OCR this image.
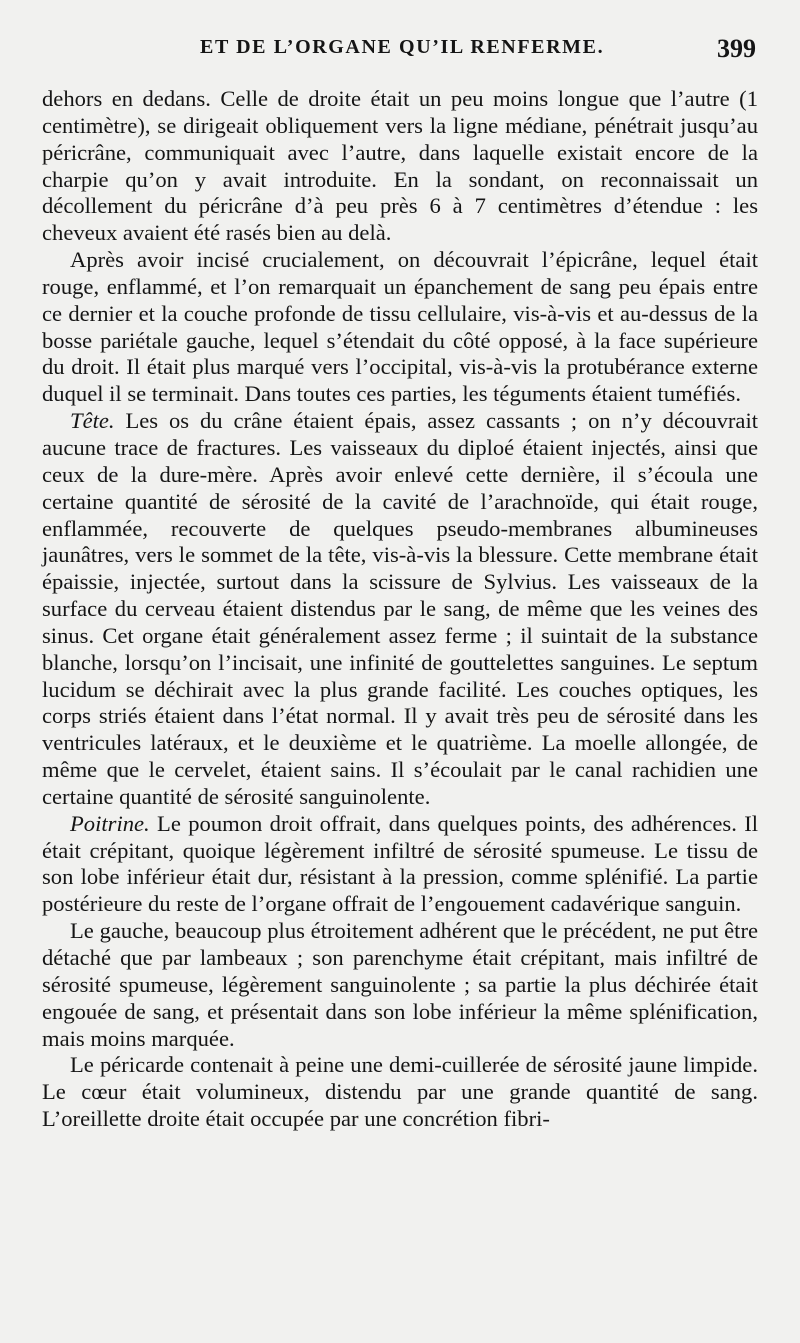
ET DE L’ORGANE QU’IL RENFERME.	399

dehors en dedans. Celle de droite était un peu moins longue que l’autre (1 centimètre), se dirigeait obliquement vers la ligne médiane, pénétrait jusqu’au péricrâne, communiquait avec l’autre, dans laquelle existait encore de la charpie qu’on y avait introduite. En la sondant, on reconnaissait un décollement du péricrâne d’à peu près 6 à 7 centimètres d’étendue : les cheveux avaient été rasés bien au delà.

Après avoir incisé crucialement, on découvrait l’épicrâne, lequel était rouge, enflammé, et l’on remarquait un épanchement de sang peu épais entre ce dernier et la couche profonde de tissu cellulaire, vis-à-vis et au-dessus de la bosse pariétale gauche, lequel s’étendait du côté opposé, à la face supérieure du droit. Il était plus marqué vers l’occipital, vis-à-vis la protubérance externe duquel il se terminait. Dans toutes ces parties, les téguments étaient tuméfiés.

Tête. Les os du crâne étaient épais, assez cassants ; on n’y découvrait aucune trace de fractures. Les vaisseaux du diploé étaient injectés, ainsi que ceux de la dure-mère. Après avoir enlevé cette dernière, il s’écoula une certaine quantité de sérosité de la cavité de l’arachnoïde, qui était rouge, enflammée, recouverte de quelques pseudo-membranes albumineuses jaunâtres, vers le sommet de la tête, vis-à-vis la blessure. Cette membrane était épaissie, injectée, surtout dans la scissure de Sylvius. Les vaisseaux de la surface du cerveau étaient distendus par le sang, de même que les veines des sinus. Cet organe était généralement assez ferme ; il suintait de la substance blanche, lorsqu’on l’incisait, une infinité de gouttelettes sanguines. Le septum lucidum se déchirait avec la plus grande facilité. Les couches optiques, les corps striés étaient dans l’état normal. Il y avait très peu de sérosité dans les ventricules latéraux, et le deuxième et le quatrième. La moelle allongée, de même que le cervelet, étaient sains. Il s’écoulait par le canal rachidien une certaine quantité de sérosité sanguinolente.

Poitrine. Le poumon droit offrait, dans quelques points, des adhérences. Il était crépitant, quoique légèrement infiltré de sérosité spumeuse. Le tissu de son lobe inférieur était dur, résistant à la pression, comme splénifié. La partie postérieure du reste de l’organe offrait de l’engouement cadavérique sanguin.

Le gauche, beaucoup plus étroitement adhérent que le précédent, ne put être détaché que par lambeaux ; son parenchyme était crépitant, mais infiltré de sérosité spumeuse, légèrement sanguinolente ; sa partie la plus déchirée était engouée de sang, et présentait dans son lobe inférieur la même splénification, mais moins marquée.

Le péricarde contenait à peine une demi-cuillerée de sérosité jaune limpide. Le cœur était volumineux, distendu par une grande quantité de sang. L’oreillette droite était occupée par une concrétion fibri-
